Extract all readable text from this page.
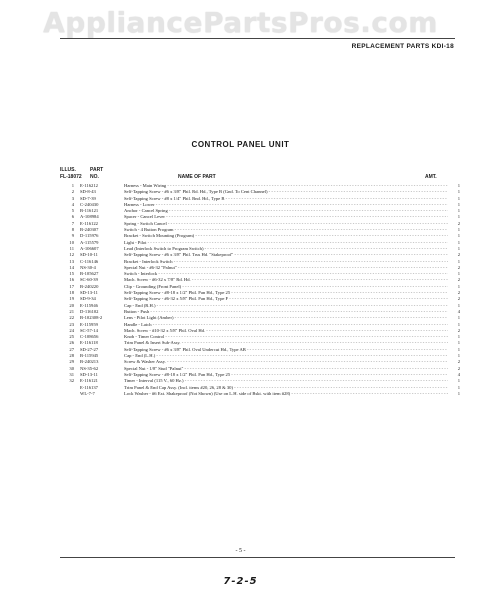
AppliancePartsPros.com
REPLACEMENT PARTS KDI-18
CONTROL PANEL UNIT
ILLUS.	PART
FL-18072 NO.	NAME OF PART	AMT.
1	E-116212	Harness - Main Wiring - - -	1
2	SD-8-43	Self-Tapping Screw - #6 x 3/8" Phil. Rd. Hd., Type B (Gnd. To Cent Channel) - - -	1
3	SD-7-39	Self-Tapping Screw - #8 x 1/4" Phil. Bnd. Hd., Type B - - -	1
4	C-240430	Harness - Lower - - -	1
5	B-116121	Anchor - Cancel Spring - - -	1
6	A-108984	Spacer - Cancel Lever - - -	1
7	E-116122	Spring - Switch Cancel - - -	2
8	B-240307	Switch - 4 Button Program - - -	1
9	D-115976	Bracket - Switch Mounting (Program) - - -	1
10	A-115579	Light - Pilot - - -	1
11	A-106607	Lead (Interlock Switch to Program Switch) - - -	1
12	SD-10-11	Self-Tapping Screw - #6 x 3/8" Phil. Trus Hd. "Stakeproof" - - -	2
13	C-116146	Bracket - Interlock Switch - - -	1
14	NS-30-4	Special Nut - #6-32 "Palnut" - - -	2
15	B-105627	Switch - Interlock - - -	1
16	SC-60-39	Mach. Screw - #6-32 x 7/8" Rd. Hd. - - -	2
17	B-240220	Clip - Grounding (Front Panel) - - -	1
18	SD-13-11	Self-Tapping Screw - #8-18 x 1/2" Phil. Pan Hd., Type 25 - - -	2
19	SD-9-34	Self-Tapping Screw - #6-32 x 5/8" Phil. Pan Hd., Type F - - -	2
20	E-115946	Cap - End (R.H.) - - -	1
21	D-116102	Button - Push - - -	4
22	B-102308-2	Lens - Pilot Light (Amber) - - -	1
23	E-115959	Handle - Latch - - -	1
24	SC-57-14	Mach. Screw - #10-32 x 5/8" Phil. Oval Hd. - - -	2
25	C-108656	Knob - Timer Control - - -	1
26	E-116118	Trim Panel & Insert Sub-Assy. - - -	1
27	SD-27-27	Self-Tapping Screw - #6 x 3/8" Phil. Oval Undercut Hd., Type AB - - -	1
28	B-115945	Cap - End (L.H.) - - -	1
29	B-240213	Screw & Washer Assy. - - -	2
30	NS-35-62	Special Nut - 1/8" Stud "Palnut" - - -	2
31	SD-13-11	Self-Tapping Screw - #8-18 x 1/2" Phil. Pan Hd., Type 25 - - -	4
32	E-116121	Timer - Interval (115 V., 60 Hz.) - - -	1
E-116137	Trim Panel & End Cap Assy. (Incl. items #20, 26, 28 & 30) - - -	1
WL-7-7	Lock Washer - #6 Ext. Shakeproof (Not Shown) (Use on L.H. side of Bskt. with item #28) - - -	1
- 5 -
7-2-5
